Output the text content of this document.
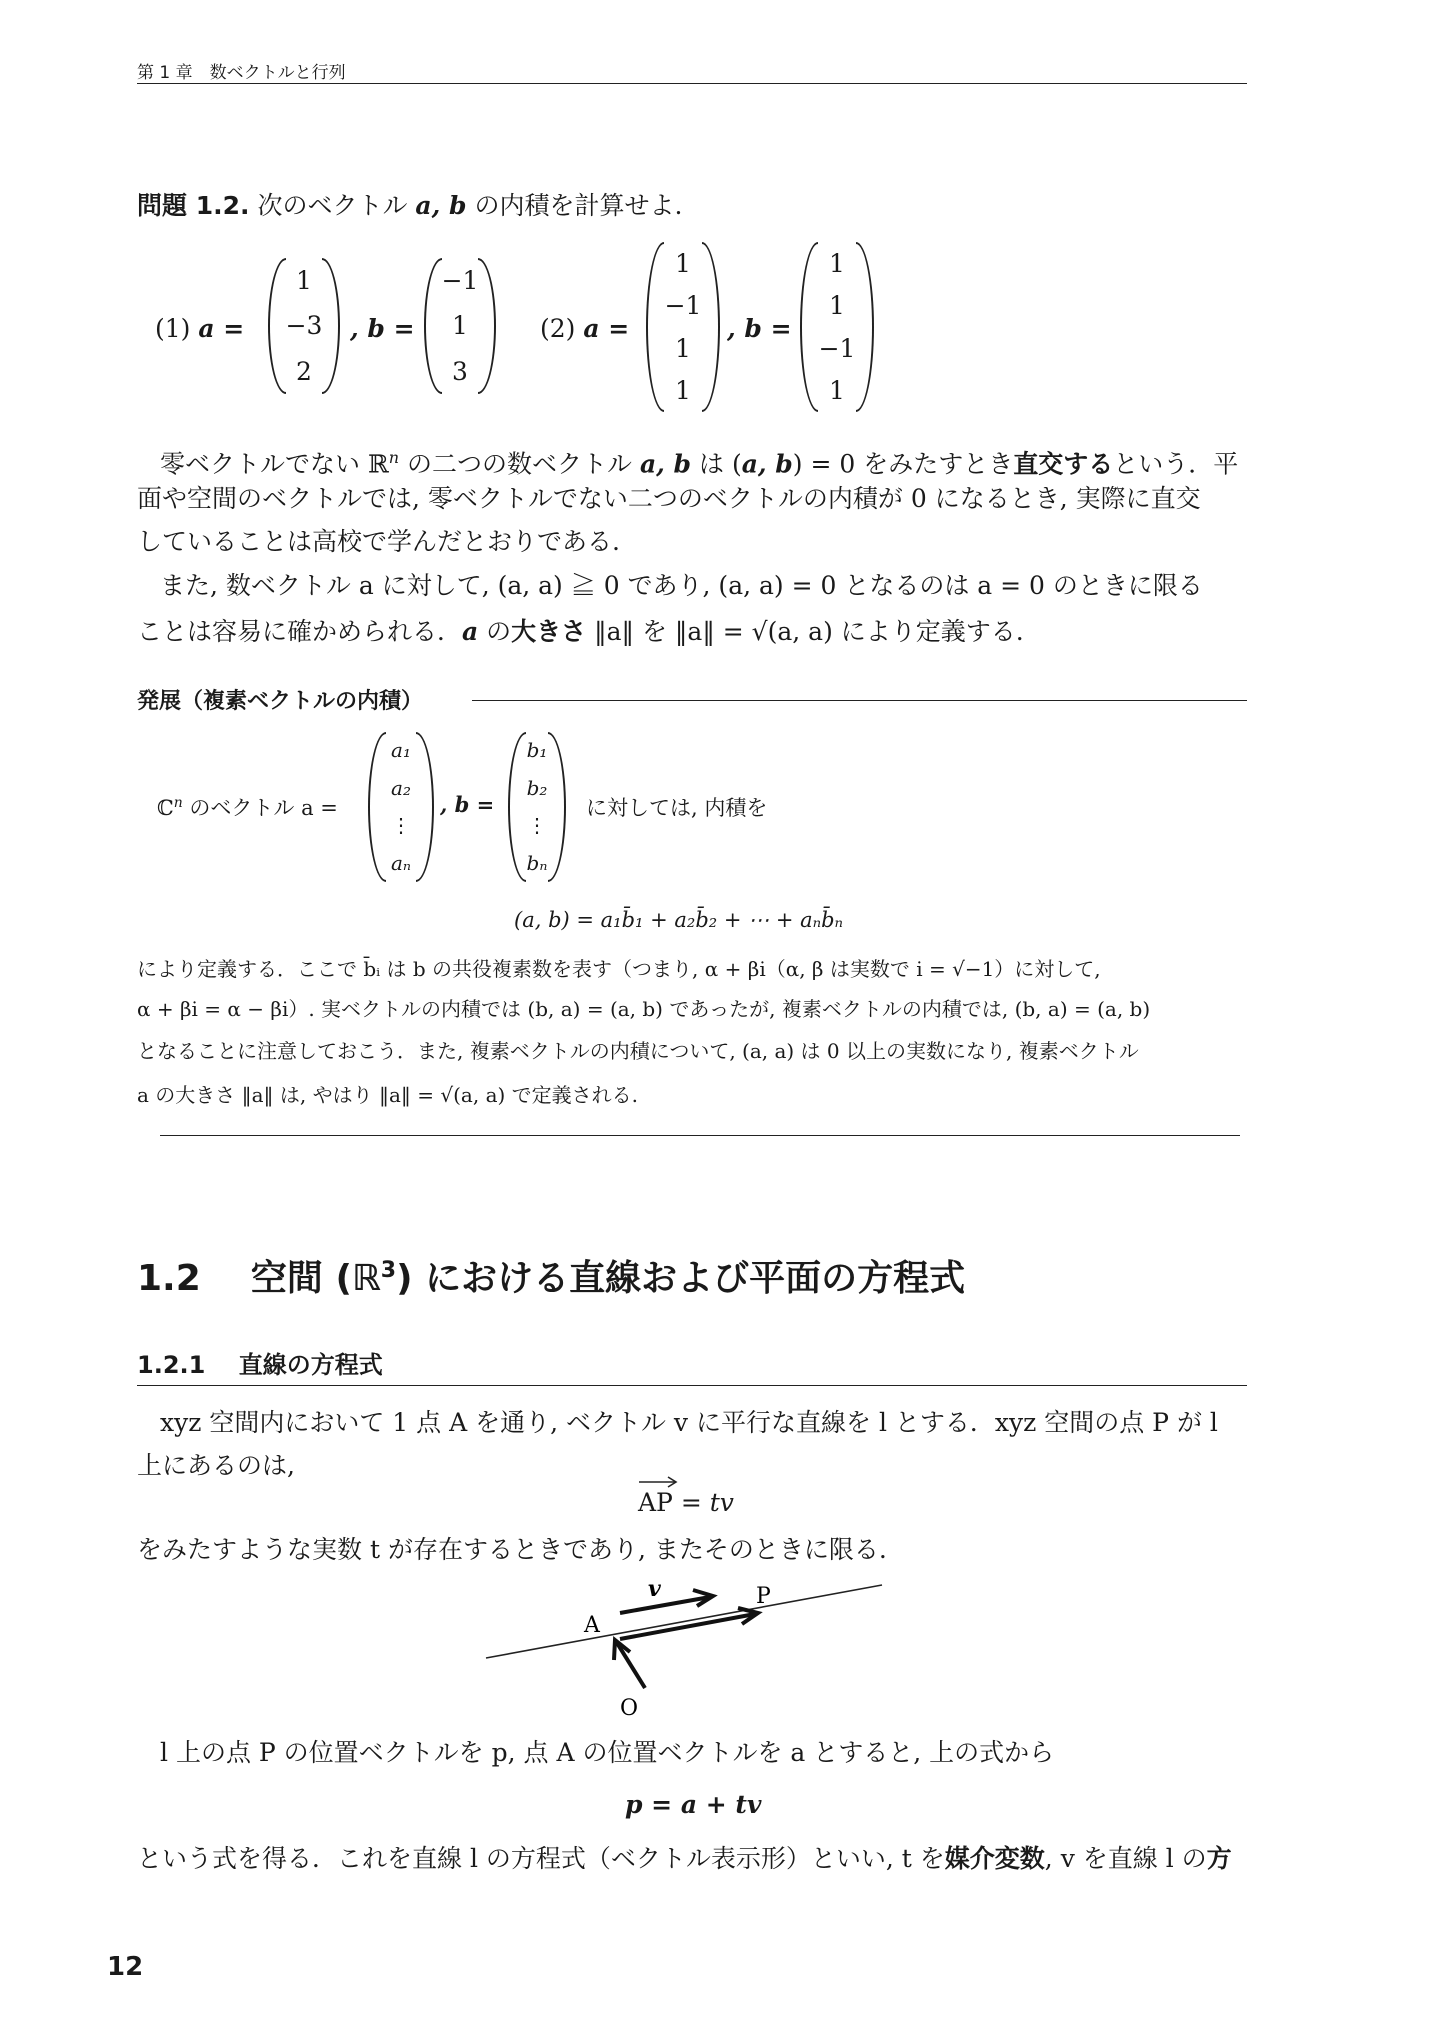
第 1 章　数ベクトルと行列
問題 1.2. 次のベクトル a, b の内積を計算せよ.
(1) a =
1
−3
2
, b =
−1
1
3
(2) a =
1
−1
1
1
, b =
1
1
−1
1
零ベクトルでない ℝ$^n$ の二つの数ベクトル a, b は (a, b) = 0 をみたすとき直交するという．平
面や空間のベクトルでは, 零ベクトルでない二つのベクトルの内積が 0 になるとき, 実際に直交
していることは高校で学んだとおりである.
また, 数ベクトル a に対して, (a, a) ≧ 0 であり, (a, a) = 0 となるのは a = 0 のときに限る
ことは容易に確かめられる．a の大きさ ‖a‖ を ‖a‖ = √(a, a) により定義する.
発展（複素ベクトルの内積）
ℂ$^n$ のベクトル a =
a₁
a₂
⋮
aₙ
, b =
b₁
b₂
⋮
bₙ
に対しては, 内積を
(a, b) = a₁b̄₁ + a₂b̄₂ + ⋯ + aₙb̄ₙ
により定義する．ここで b̄ᵢ は b の共役複素数を表す（つまり, α + βi（α, β は実数で i = √−1）に対して,
α + βi = α − βi）. 実ベクトルの内積では (b, a) = (a, b) であったが, 複素ベクトルの内積では, (b, a) = (a, b)
となることに注意しておこう．また, 複素ベクトルの内積について, (a, a) は 0 以上の実数になり, 複素ベクトル
a の大きさ ‖a‖ は, やはり ‖a‖ = √(a, a) で定義される.
1.2 空間 (ℝ$^3$) における直線および平面の方程式
1.2.1 直線の方程式
xyz 空間内において 1 点 A を通り, ベクトル v に平行な直線を l とする．xyz 空間の点 P が l
上にあるのは,
AP = tv
をみたすような実数 t が存在するときであり, またそのときに限る.
v	P
A
O
l 上の点 P の位置ベクトルを p, 点 A の位置ベクトルを a とすると, 上の式から
p = a + tv
という式を得る．これを直線 l の方程式（ベクトル表示形）といい, t を媒介変数, v を直線 l の方
12
